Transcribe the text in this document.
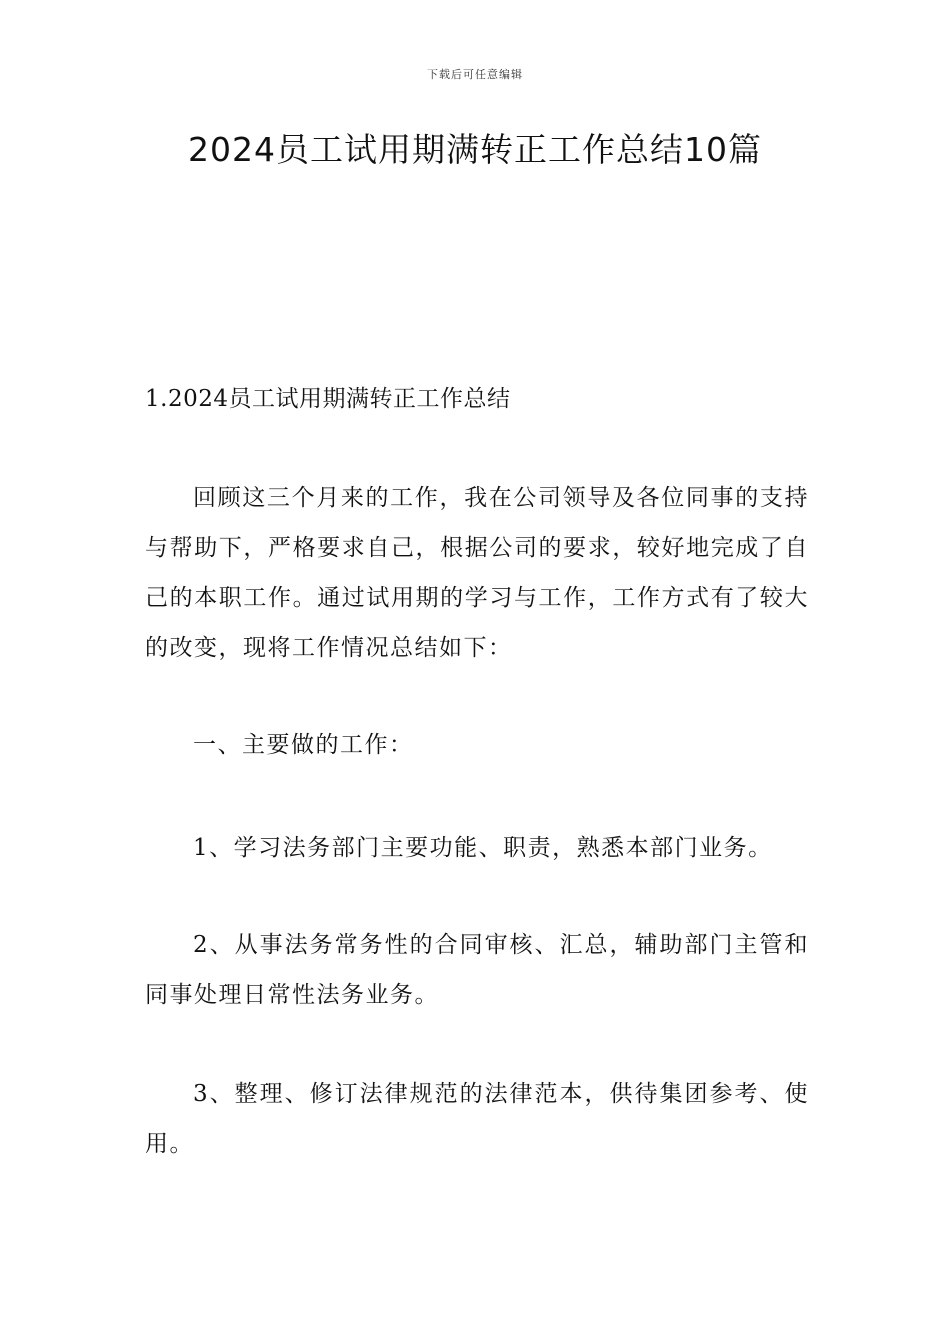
下载后可任意编辑
2024员工试用期满转正工作总结10篇
1.2024员工试用期满转正工作总结

回顾这三个月来的工作，我在公司领导及各位同事的支持与帮助下，严格要求自己，根据公司的要求，较好地完成了自己的本职工作。通过试用期的学习与工作，工作方式有了较大的改变，现将工作情况总结如下：

一、主要做的工作：

1、学习法务部门主要功能、职责，熟悉本部门业务。

2、从事法务常务性的合同审核、汇总，辅助部门主管和同事处理日常性法务业务。

3、整理、修订法律规范的法律范本，供待集团参考、使用。
